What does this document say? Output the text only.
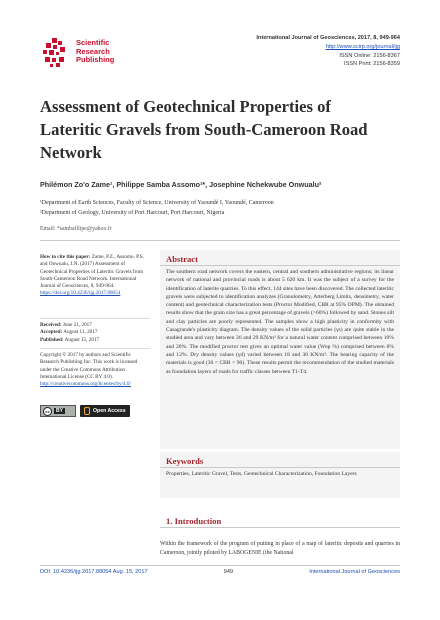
Scientific
Research
Publishing
International Journal of Geosciences, 2017, 8, 949-964
http://www.scirp.org/journal/ijg
ISSN Online: 2156-8367
ISSN Print: 2156-8359
Assessment of Geotechnical Properties of Lateritic Gravels from South-Cameroon Road Network
Philémon Zo'o Zame¹, Philippe Samba Assomo¹*, Josephine Nchekwube Onwualu²
¹Department of Earth Sciences, Faculty of Science, University of Yaoundé I, Yaoundé, Cameroon
²Department of Geology, University of Port Harcourt, Port Harcourt, Nigeria
Email: *sambafilipe@yahoo.fr
How to cite this paper: Zame, P.Z., Assomo, P.S. and Onwualu, J.N. (2017) Assessment of Geotechnical Properties of Lateritic Gravels from South-Cameroon Road Network. International Journal of Geosciences, 8, 949-964.
https://doi.org/10.4236/ijg.2017.88054
Received: June 21, 2017
Accepted: August 11, 2017
Published: August 15, 2017
Copyright © 2017 by authors and Scientific Research Publishing Inc. This work is licensed under the Creative Commons Attribution International License (CC BY 4.0).
http://creativecommons.org/licenses/by/4.0/
cc	BY	Open Access
Abstract

The southern road network covers the eastern, central and southern administrative regions; its linear network of national and provincial roads is about 5 620 km. It was the subject of a survey for the identification of laterite quarries. To this effect, 144 sites have been discovered. The collected lateritic gravels were subjected to identification analyzes (Granulometry, Atterberg Limits, densimetry, water content) and geotechnical characterization tests (Proctor Modified, CBR at 95% OPM). The obtained results show that the grain size has a great percentage of gravels (>60%) followed by sand. Stones silt and clay particles are poorly represented. The samples show a high plasticity in conformity with Casagrande's plasticity diagram. The density values of the solid particles (γs) are quite stable in the studied area and vary between 26 and 29 KN/m³ for a natural water content comprised between 10% and 20%. The modified proctor test gives an optimal water value (Wop %) comprised between 8% and 12%. Dry density values (γd) varied between 18 and 30 KN/m³. The bearing capacity of the materials is good (30 < CBR < 90). These results permit the recommendation of the studied materials as foundation layers of roads for traffic classes between T1-T4.

Keywords

Properties, Lateritic Gravel, Tests, Geotechnical Characterization, Foundation Layers

1. Introduction

Within the framework of the program of putting in place of a map of lateritic deposits and quarries in Cameroon, jointly piloted by LABOGENIE (the National

DOI: 10.4236/ijg.2017.88054 Aug. 15, 2017	949	International Journal of Geosciences
